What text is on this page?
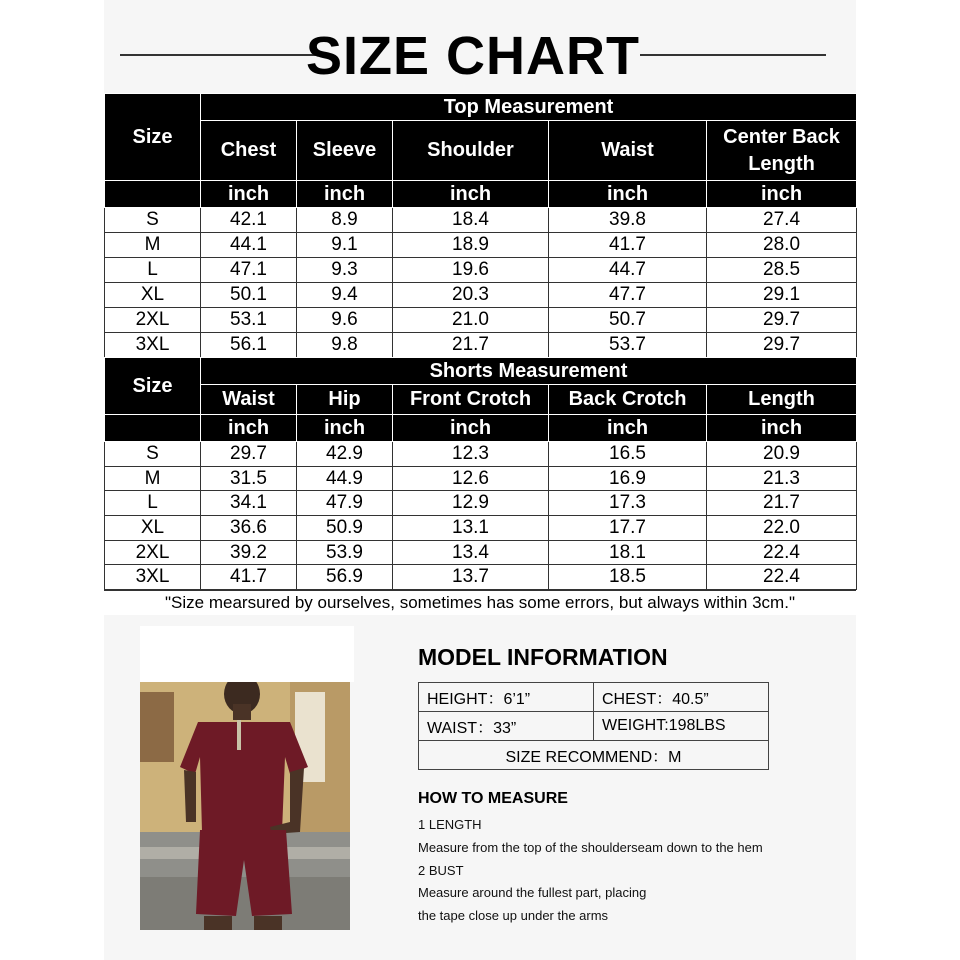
SIZE CHART
Size	Top Measurement				
	Chest	Sleeve	Shoulder	Waist	Center Back Length
	inch	inch	inch	inch	inch
S	42.1	8.9	18.4	39.8	27.4
M	44.1	9.1	18.9	41.7	28.0
L	47.1	9.3	19.6	44.7	28.5
XL	50.1	9.4	20.3	47.7	29.1
2XL	53.1	9.6	21.0	50.7	29.7
3XL	56.1	9.8	21.7	53.7	29.7
Size	Shorts Measurement				
	Waist	Hip	Front Crotch	Back Crotch	Length
	inch	inch	inch	inch	inch
S	29.7	42.9	12.3	16.5	20.9
M	31.5	44.9	12.6	16.9	21.3
L	34.1	47.9	12.9	17.3	21.7
XL	36.6	50.9	13.1	17.7	22.0
2XL	39.2	53.9	13.4	18.1	22.4
3XL	41.7	56.9	13.7	18.5	22.4
"Size mearsured by ourselves, sometimes has some errors, but always within 3cm."
MODEL INFORMATION
HEIGHT：6’1”	CHEST：40.5”
WAIST：33”	WEIGHT:198LBS
SIZE RECOMMEND：M	
HOW TO MEASURE
1 LENGTH
Measure from the top of the shoulderseam down to the hem
2 BUST
Measure around the fullest part, placing
the tape close up under the arms
